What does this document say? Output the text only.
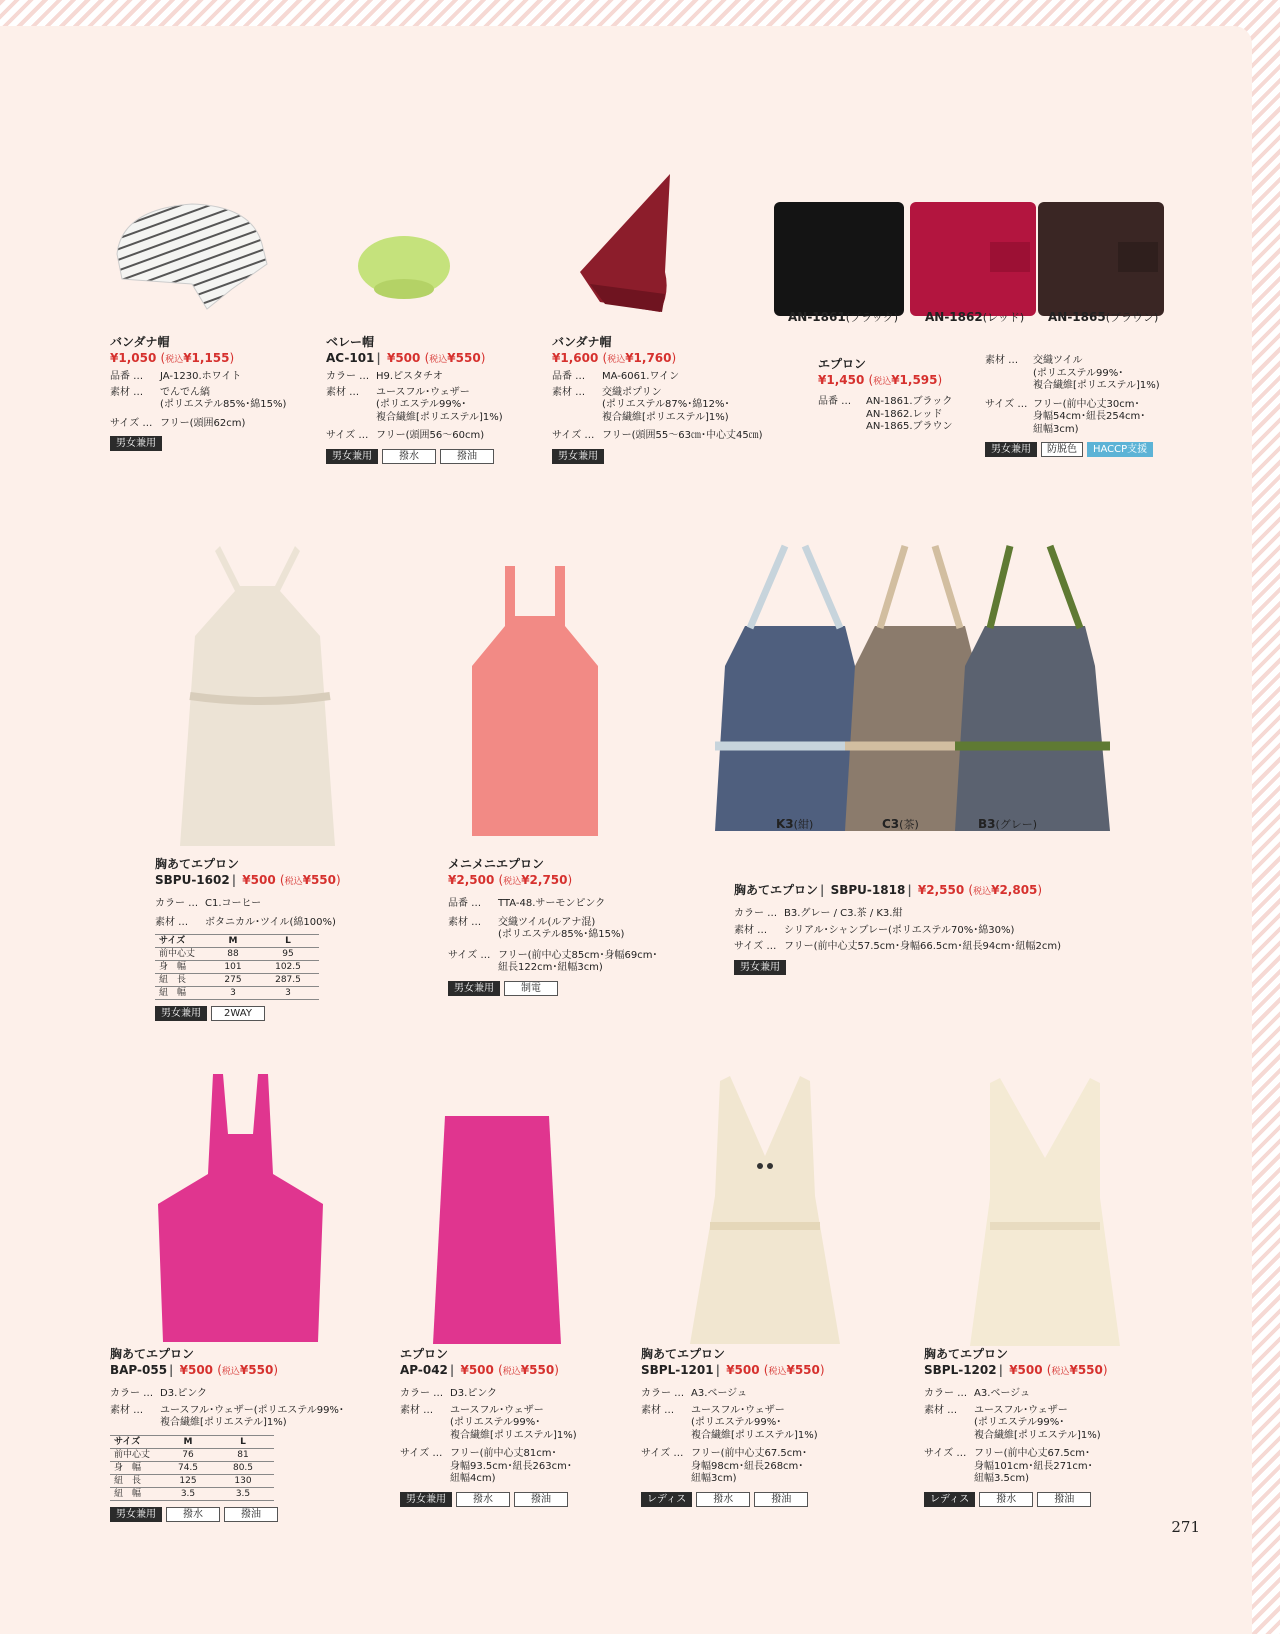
AN-1861(ブラック) AN-1862(レッド) AN-1865(ブラウン)
K3(紺)	C3(茶)	B3(グレー)
バンダナ帽
¥1,050 (税込¥1,155)
品番 …	JA-1230.ホワイト
素材 …	でんでん縞
(ポリエステル85%･綿15%)
サイズ … フリー(頭囲62cm)
男女兼用
ベレー帽
AC-101 | ¥500 (税込¥550)
カラー … H9.ピスタチオ
素材 …	ユースフル･ウェザー
(ポリエステル99%･
複合繊維[ポリエステル]1%)
サイズ … フリー(頭囲56～60cm)
男女兼用	撥水	撥油
バンダナ帽
¥1,600 (税込¥1,760)
品番 …	MA-6061.ワイン
素材 …	交織ポプリン
(ポリエステル87%･綿12%･
複合繊維[ポリエステル]1%)
サイズ … フリー(頭囲55～63㎝･中心丈45㎝)
男女兼用
エプロン
¥1,450 (税込¥1,595)
品番 …	AN-1861.ブラック
AN-1862.レッド
AN-1865.ブラウン
素材 …	交織ツイル
(ポリエステル99%･
複合繊維[ポリエステル]1%)
サイズ … フリー(前中心丈30cm･
身幅54cm･紐長254cm･
紐幅3cm)
男女兼用	防脱色	HACCP支援
胸あてエプロン
SBPU-1602 | ¥500 (税込¥550)
カラー … C1.コーヒー
素材 …	ボタニカル･ツイル(綿100%)
サイズ	M	L
前中心丈	88	95
身　幅	101	102.5
紐　長	275	287.5
紐　幅	3	3
男女兼用	2WAY
メニメニエプロン
¥2,500 (税込¥2,750)
品番 …	TTA-48.サーモンピンク
素材 …	交織ツイル(ルアナ混)
(ポリエステル85%･綿15%)
サイズ … フリー(前中心丈85cm･身幅69cm･
紐長122cm･紐幅3cm)
男女兼用	制電
胸あてエプロン | SBPU-1818 | ¥2,550 (税込¥2,805)
カラー … B3.グレー / C3.茶 / K3.紺
素材 …	シリアル･シャンブレー(ポリエステル70%･綿30%)
サイズ … フリー(前中心丈57.5cm･身幅66.5cm･紐長94cm･紐幅2cm)
男女兼用
胸あてエプロン
BAP-055 | ¥500 (税込¥550)
カラー … D3.ピンク
素材 …	ユースフル･ウェザー(ポリエステル99%･
複合繊維[ポリエステル]1%)
サイズ	M	L
前中心丈	76	81
身　幅	74.5	80.5
紐　長	125	130
紐　幅	3.5	3.5
男女兼用	撥水	撥油
エプロン
AP-042 | ¥500 (税込¥550)
カラー … D3.ピンク
素材 …	ユースフル･ウェザー
(ポリエステル99%･
複合繊維[ポリエステル]1%)
サイズ … フリー(前中心丈81cm･
身幅93.5cm･紐長263cm･
紐幅4cm)
男女兼用	撥水	撥油
胸あてエプロン
SBPL-1201 | ¥500 (税込¥550)
カラー … A3.ベージュ
素材 …	ユースフル･ウェザー
(ポリエステル99%･
複合繊維[ポリエステル]1%)
サイズ … フリー(前中心丈67.5cm･
身幅98cm･紐長268cm･
紐幅3cm)
レディス	撥水	撥油
胸あてエプロン
SBPL-1202 | ¥500 (税込¥550)
カラー … A3.ベージュ
素材 …	ユースフル･ウェザー
(ポリエステル99%･
複合繊維[ポリエステル]1%)
サイズ … フリー(前中心丈67.5cm･
身幅101cm･紐長271cm･
紐幅3.5cm)
レディス	撥水	撥油
271
